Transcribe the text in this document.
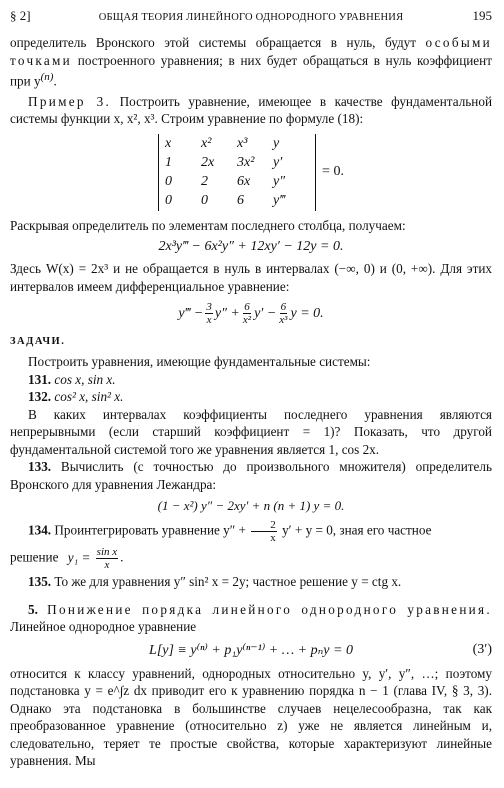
§ 2]	ОБЩАЯ ТЕОРИЯ ЛИНЕЙНОГО ОДНОРОДНОГО УРАВНЕНИЯ	195

определитель Вронского этой системы обращается в нуль, будут особыми точками построенного уравнения; в них будет обращаться в нуль коэффициент при $y^{(n)}$.

Пример 3. Построить уравнение, имеющее в качестве фундаментальной системы функции x, x², x³. Строим уравнение по формуле (18):

x	x²	x³	y
1	2x	3x²	y′
0	2	6x	y″
0	0	6	y‴
= 0.

Раскрывая определитель по элементам последнего столбца, получаем:

2x³y‴ − 6x²y″ + 12xy′ − 12y = 0.

Здесь W(x) = 2x³ и не обращается в нуль в интервалах (−∞, 0) и (0, +∞). Для этих интервалов имеем дифференциальное уравнение:

y‴ − $\frac{3}{x} y'' + \frac{6}{\text{x²}} y' - \frac{6}{\text{x³}}$ y = 0.
ЗАДАЧИ.

Построить уравнения, имеющие фундаментальные системы:

131. cos x, sin x.

132. cos² x, sin² x.

В каких интервалах коэффициенты последнего уравнения являются непрерывными (если старший коэффициент = 1)? Показать, что другой фундаментальной системой того же уравнения является 1, cos 2x.

133. Вычислить (с точностью до произвольного множителя) определитель Вронского для уравнения Лежандра:

(1 − x²) y″ − 2xy′ + n (n + 1) y = 0.

134. Проинтегрировать уравнение $y'' + \frac{2}{x} y' + y = 0$, зная его частное

решение $y_1 = \frac{\text{sin x}}{x}$ .

135. То же для уравнения y″ sin² x = 2y; частное решение y = ctg x.

5. Понижение порядка линейного однородного уравнения. Линейное однородное уравнение

L[y] ≡ y⁽ⁿ⁾ + p₁y⁽ⁿ⁻¹⁾ + … + pₙy = 0	(3′)

относится к классу уравнений, однородных относительно y, y′, y″, …; поэтому подстановка y = e^∫z dx приводит его к уравнению порядка n − 1 (глава IV, § 3, 3). Однако эта подстановка в большинстве случаев нецелесообразна, так как преобразованное уравнение (относительно z) уже не является линейным и, следовательно, теряет те простые свойства, которые характеризуют линейные уравнения. Мы
